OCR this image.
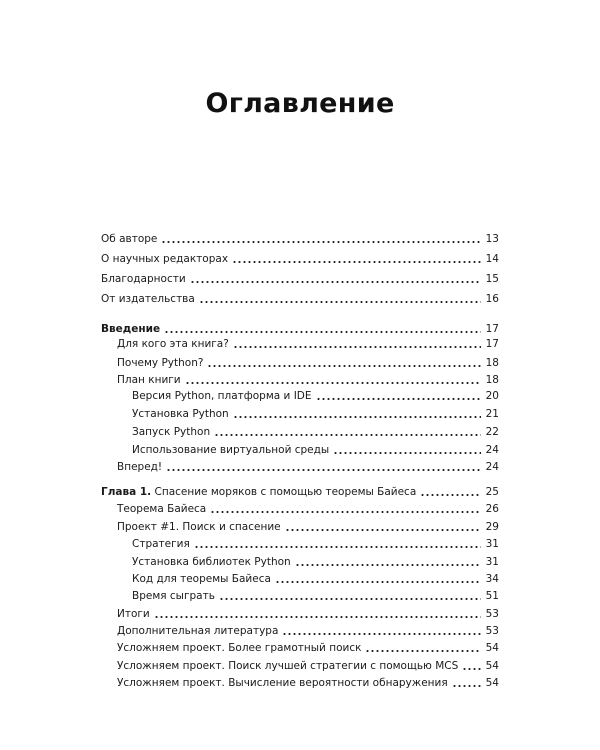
Оглавление
Об авторе	13
О научных редакторах	14
Благодарности	15
От издательства	16
Введение	17
Для кого эта книга?	17
Почему Python?	18
План книги	18
Версия Python, платформа и IDE	20
Установка Python	21
Запуск Python	22
Использование виртуальной среды	24
Вперед!	24
Глава 1. Спасение моряков с помощью теоремы Байеса	25
Теорема Байеса	26
Проект #1. Поиск и спасение	29
Стратегия	31
Установка библиотек Python	31
Код для теоремы Байеса	34
Время сыграть	51
Итоги	53
Дополнительная литература	53
Усложняем проект. Более грамотный поиск	54
Усложняем проект. Поиск лучшей стратегии с помощью MCS	54
Усложняем проект. Вычисление вероятности обнаружения	54
